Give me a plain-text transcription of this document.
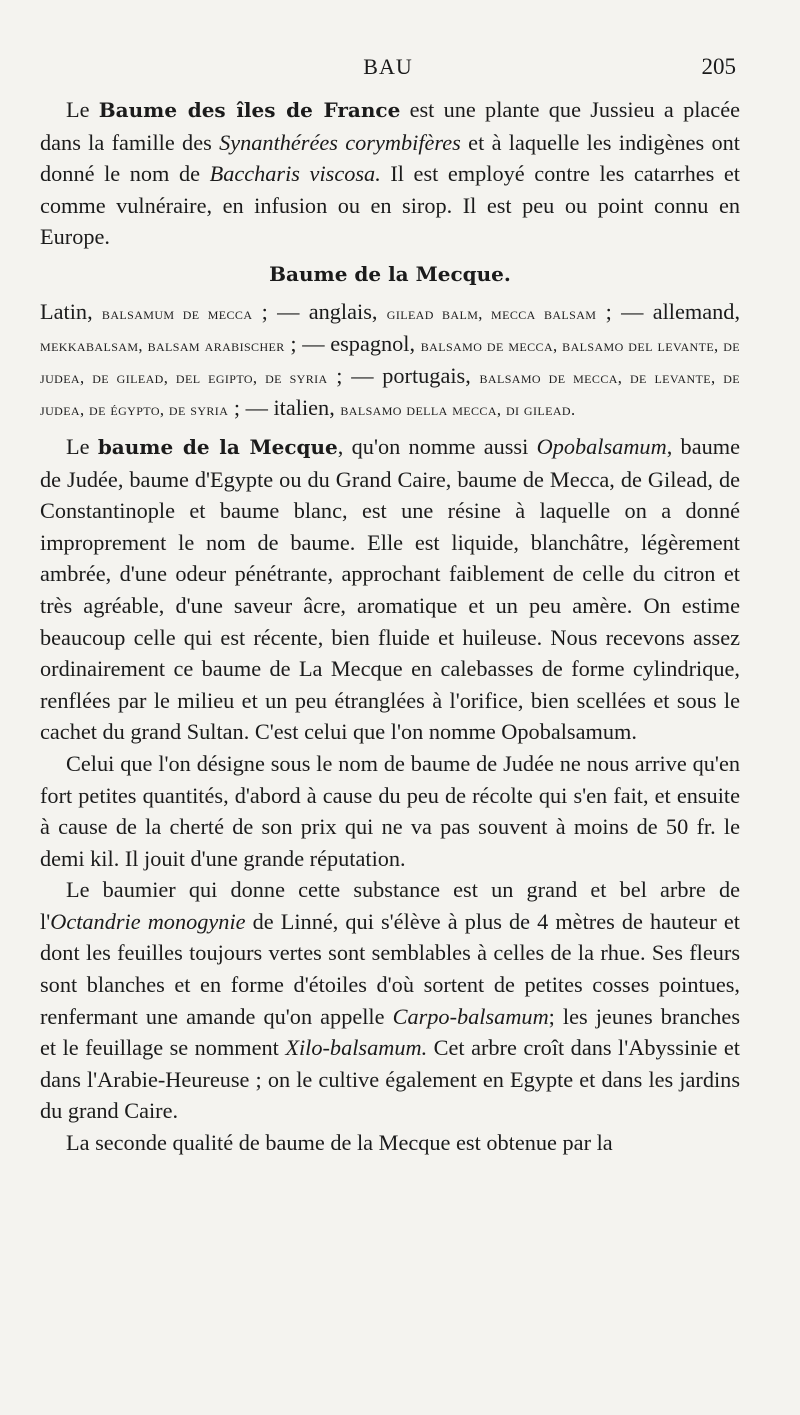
BAU	205

Le Baume des îles de France est une plante que Jussieu a placée dans la famille des Synanthérées corymbifères et à laquelle les indigènes ont donné le nom de Baccharis viscosa. Il est employé contre les catarrhes et comme vulnéraire, en infusion ou en sirop. Il est peu ou point connu en Europe.

Baume de la Mecque.

Latin, balsamum de mecca ; — anglais, gilead balm, mecca balsam ; — allemand, mekkabalsam, balsam arabischer ; — espagnol, balsamo de mecca, balsamo del levante, de judea, de gilead, del egipto, de syria ; — portugais, balsamo de mecca, de levante, de judea, de égypto, de syria ; — italien, balsamo della mecca, di gilead.

Le baume de la Mecque, qu'on nomme aussi Opobalsamum, baume de Judée, baume d'Egypte ou du Grand Caire, baume de Mecca, de Gilead, de Constantinople et baume blanc, est une résine à laquelle on a donné improprement le nom de baume. Elle est liquide, blanchâtre, légèrement ambrée, d'une odeur pénétrante, approchant faiblement de celle du citron et très agréable, d'une saveur âcre, aromatique et un peu amère. On estime beaucoup celle qui est récente, bien fluide et huileuse. Nous recevons assez ordinairement ce baume de La Mecque en calebasses de forme cylindrique, renflées par le milieu et un peu étranglées à l'orifice, bien scellées et sous le cachet du grand Sultan. C'est celui que l'on nomme Opobalsamum.

Celui que l'on désigne sous le nom de baume de Judée ne nous arrive qu'en fort petites quantités, d'abord à cause du peu de récolte qui s'en fait, et ensuite à cause de la cherté de son prix qui ne va pas souvent à moins de 50 fr. le demi kil. Il jouit d'une grande réputation.

Le baumier qui donne cette substance est un grand et bel arbre de l'Octandrie monogynie de Linné, qui s'élève à plus de 4 mètres de hauteur et dont les feuilles toujours vertes sont semblables à celles de la rhue. Ses fleurs sont blanches et en forme d'étoiles d'où sortent de petites cosses pointues, renfermant une amande qu'on appelle Carpo-balsamum; les jeunes branches et le feuillage se nomment Xilo-balsamum. Cet arbre croît dans l'Abyssinie et dans l'Arabie-Heureuse ; on le cultive également en Egypte et dans les jardins du grand Caire.

La seconde qualité de baume de la Mecque est obtenue par la
